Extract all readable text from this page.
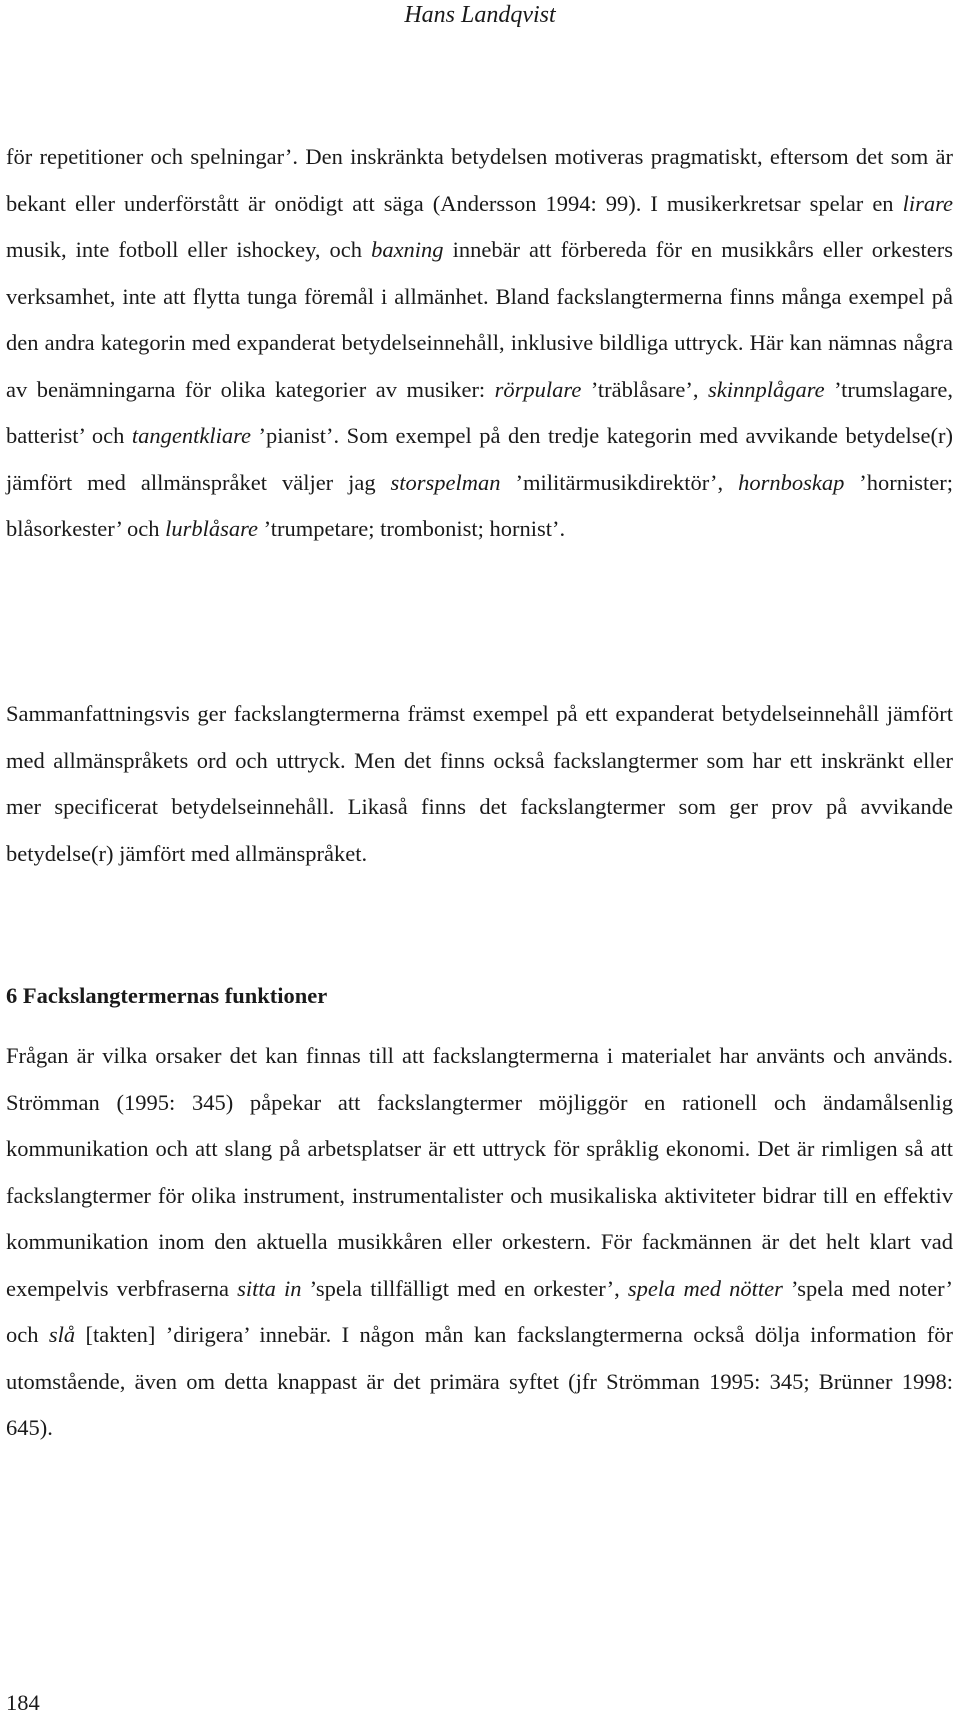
Hans Landqvist

för repetitioner och spelningar’. Den inskränkta betydelsen motiveras pragmatiskt, eftersom det som är bekant eller underförstått är onödigt att säga (Andersson 1994: 99). I musikerkretsar spelar en lirare musik, inte fotboll eller ishockey, och baxning innebär att förbereda för en musikkårs eller orkesters verksamhet, inte att flytta tunga föremål i allmänhet. Bland fackslangtermerna finns många exempel på den andra kategorin med expanderat betydelseinnehåll, inklusive bildliga uttryck. Här kan nämnas några av benämningarna för olika kategorier av musiker: rörpulare ’träblåsare’, skinnplågare ’trumslagare, batterist’ och tangentkliare ’pianist’. Som exempel på den tredje kategorin med avvikande betydelse(r) jämfört med allmänspråket väljer jag storspelman ’militärmusikdirektör’, hornboskap ’hornister; blåsorkester’ och lurblåsare ’trumpetare; trombonist; hornist’.

Sammanfattningsvis ger fackslangtermerna främst exempel på ett expanderat betydelseinnehåll jämfört med allmänspråkets ord och uttryck. Men det finns också fackslangtermer som har ett inskränkt eller mer specificerat betydelseinnehåll. Likaså finns det fackslangtermer som ger prov på avvikande betydelse(r) jämfört med allmänspråket.

6 Fackslangtermernas funktioner

Frågan är vilka orsaker det kan finnas till att fackslangtermerna i materialet har använts och används. Strömman (1995: 345) påpekar att fackslangtermer möjliggör en rationell och ändamålsenlig kommunikation och att slang på arbetsplatser är ett uttryck för språklig ekonomi. Det är rimligen så att fackslangtermer för olika instrument, instrumentalister och musikaliska aktiviteter bidrar till en effektiv kommunikation inom den aktuella musikkåren eller orkestern. För fackmännen är det helt klart vad exempelvis verbfraserna sitta in ’spela tillfälligt med en orkester’, spela med nötter ’spela med noter’ och slå [takten] ’dirigera’ innebär. I någon mån kan fackslangtermerna också dölja information för utomstående, även om detta knappast är det primära syftet (jfr Strömman 1995: 345; Brünner 1998: 645).

184
